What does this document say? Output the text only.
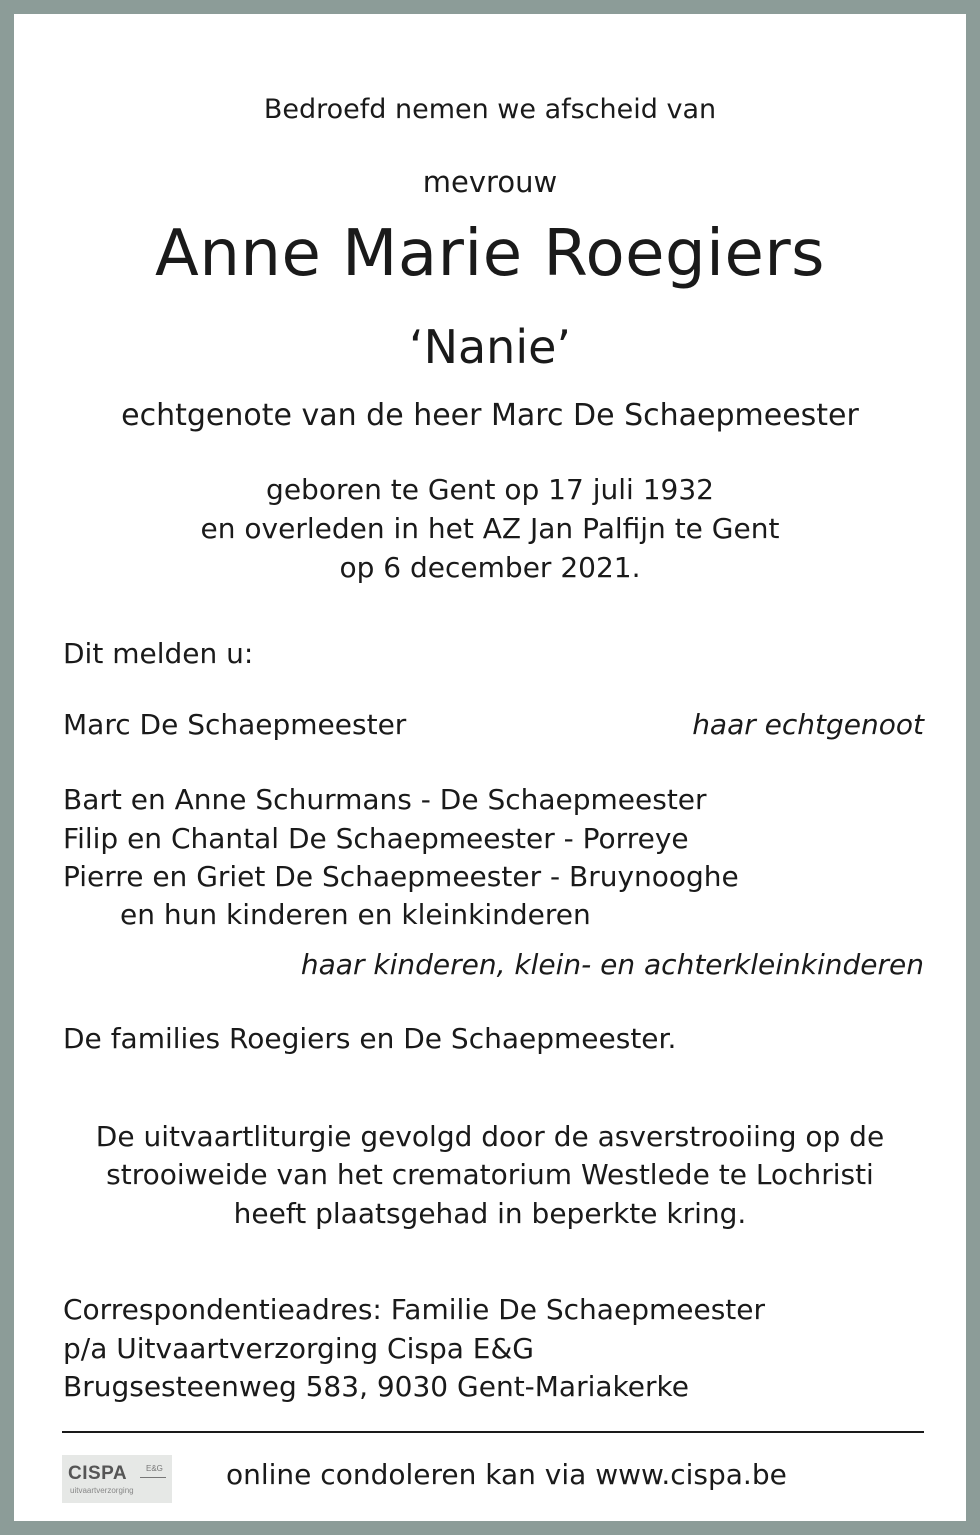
Bedroefd nemen we afscheid van
mevrouw
Anne Marie Roegiers
‘Nanie’
echtgenote van de heer Marc De Schaepmeester
geboren te Gent op 17 juli 1932
en overleden in het AZ Jan Palfijn te Gent
op 6 december 2021.
Dit melden u:
Marc De Schaepmeester	haar echtgenoot
Bart en Anne Schurmans - De Schaepmeester
Filip en Chantal De Schaepmeester - Porreye
Pierre en Griet De Schaepmeester - Bruynooghe
en hun kinderen en kleinkinderen
haar kinderen, klein- en achterkleinkinderen
De families Roegiers en De Schaepmeester.
De uitvaartliturgie gevolgd door de asverstrooiing op de
strooiweide van het crematorium Westlede te Lochristi
heeft plaatsgehad in beperkte kring.
Correspondentieadres: Familie De Schaepmeester
p/a Uitvaartverzorging Cispa E&G
Brugsesteenweg 583, 9030 Gent-Mariakerke
CISPA E&G
uitvaartverzorging	online condoleren kan via www.cispa.be
